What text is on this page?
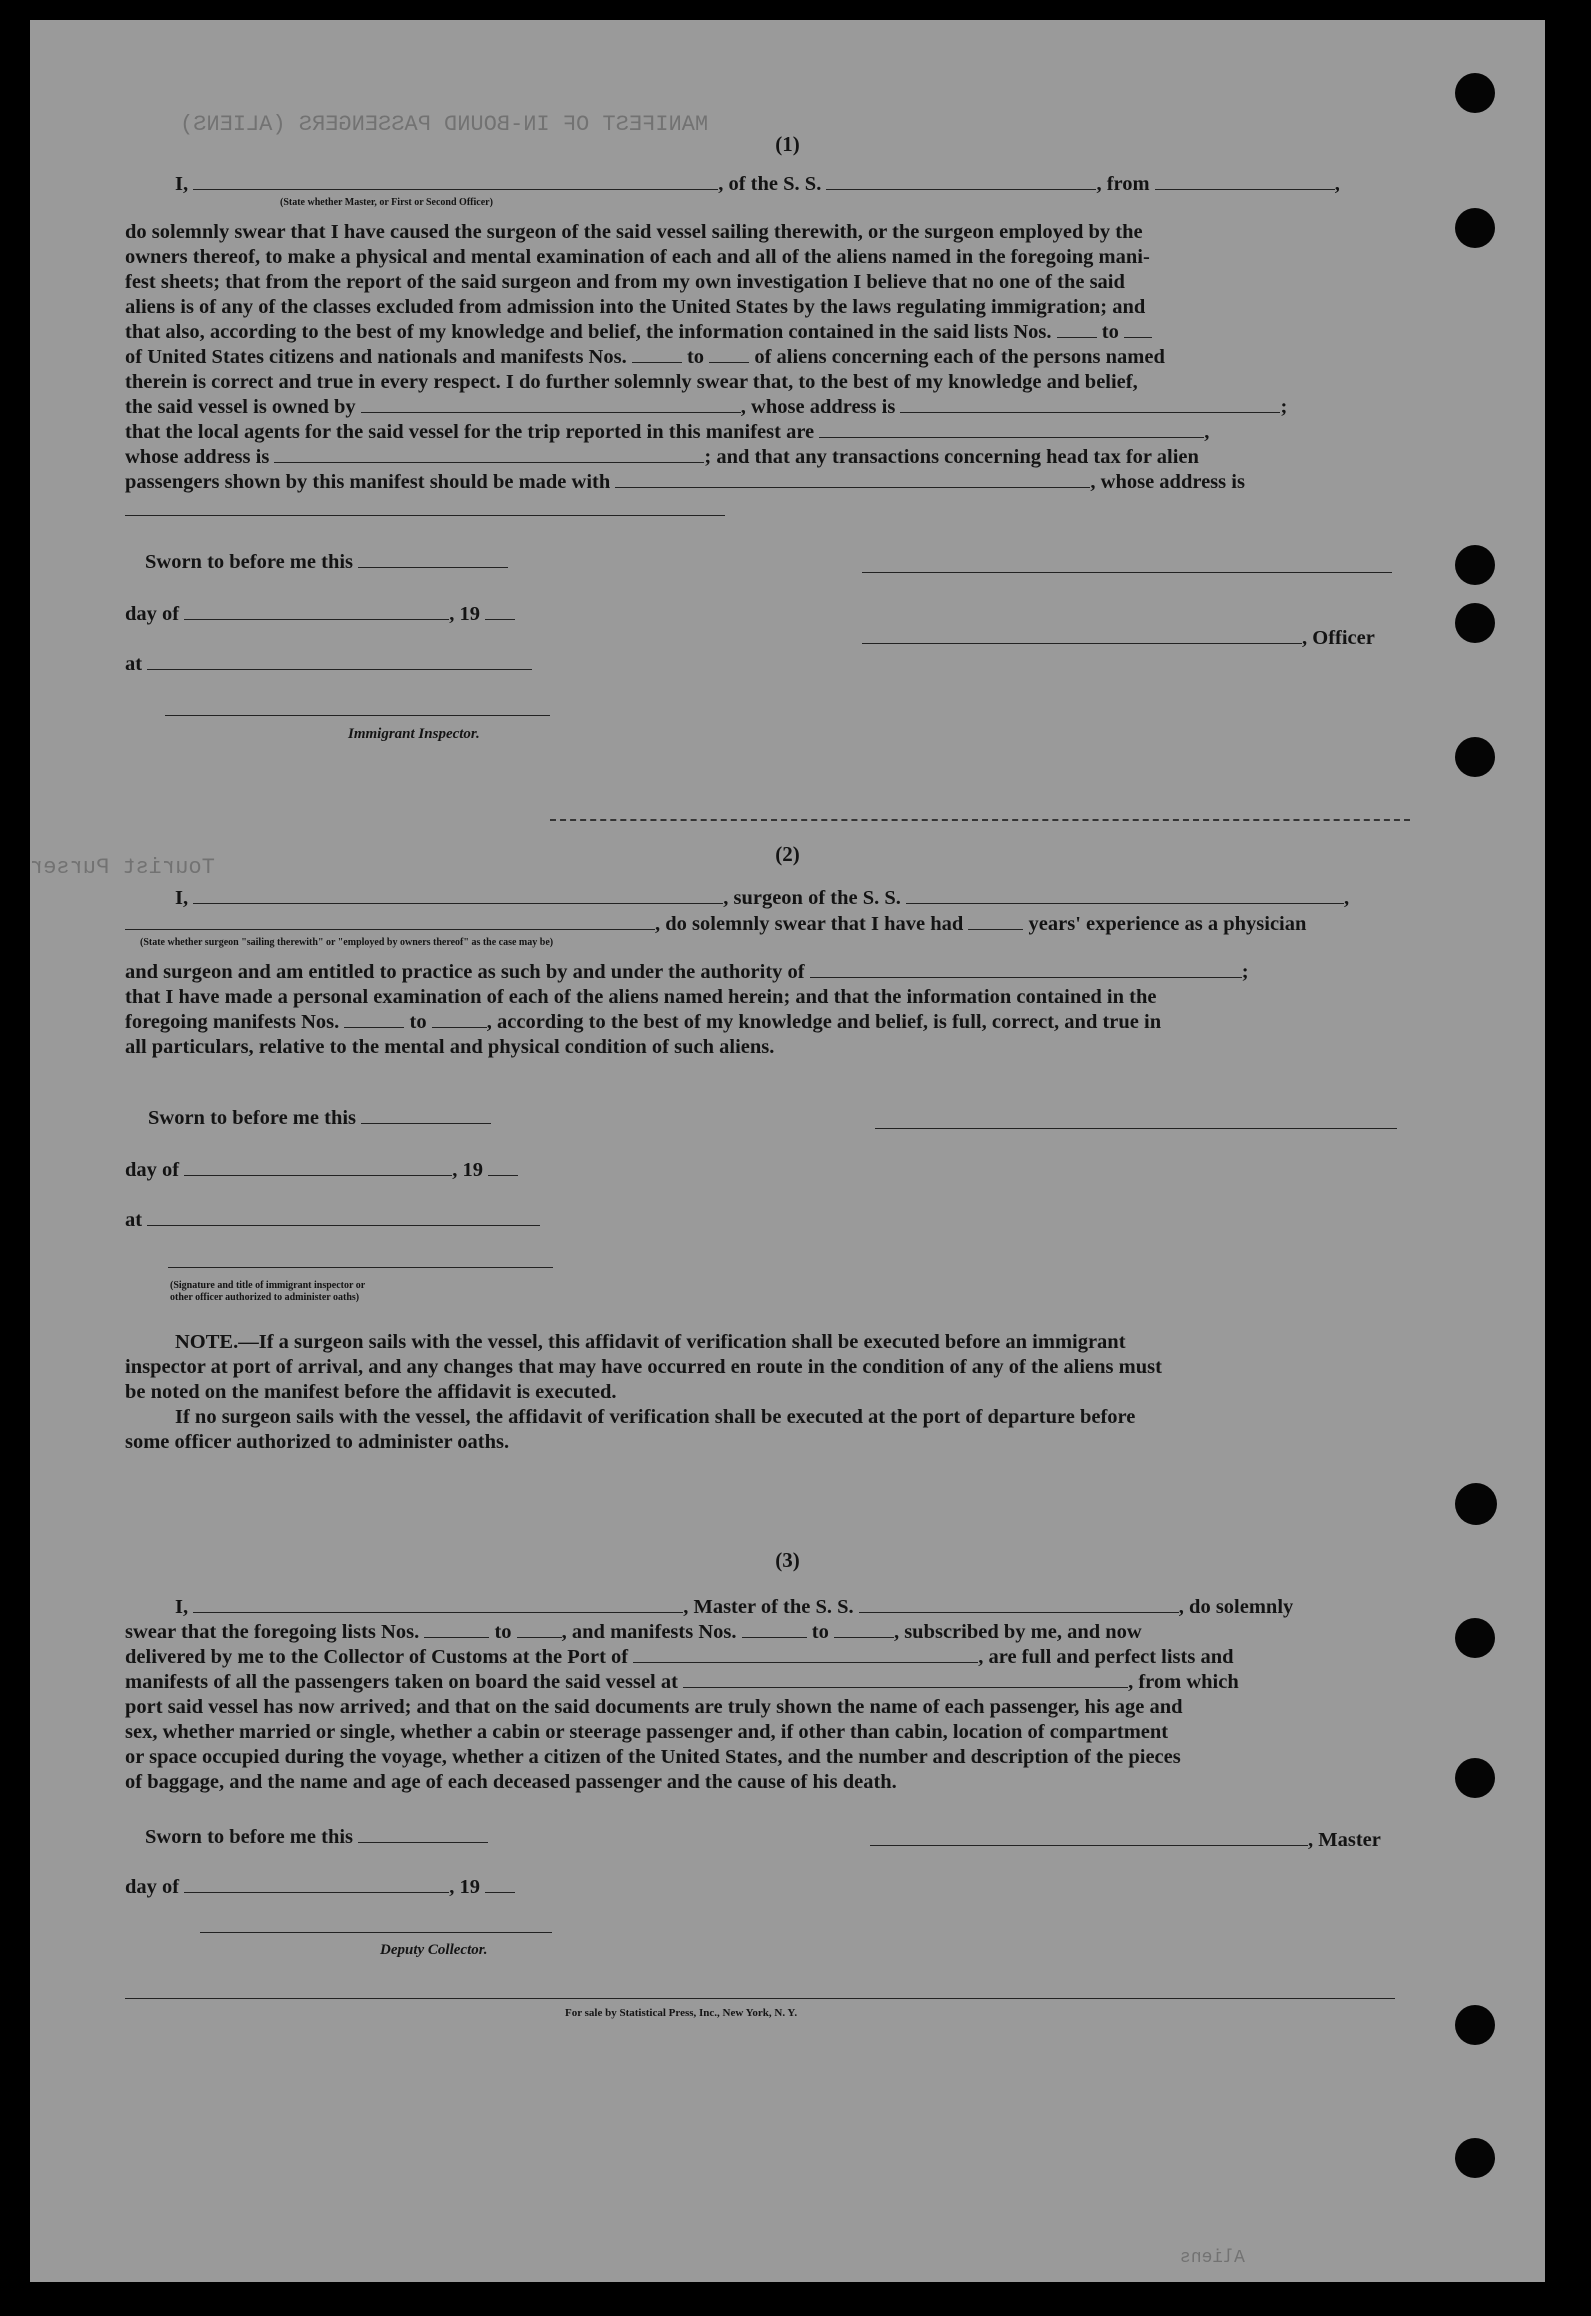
MANIFEST OF IN-BOUND PASSENGERS (ALIENS)
Tourist Purser
Aliens
(1)
I,	, of the S. S.	, from	,
(State whether Master, or First or Second Officer)
do solemnly swear that I have caused the surgeon of the said vessel sailing therewith, or the surgeon employed by the
owners thereof, to make a physical and mental examination of each and all of the aliens named in the foregoing mani-
fest sheets; that from the report of the said surgeon and from my own investigation I believe that no one of the said
aliens is of any of the classes excluded from admission into the United States by the laws regulating immigration; and
that also, according to the best of my knowledge and belief, the information contained in the said lists Nos. to
of United States citizens and nationals and manifests Nos.	to of aliens concerning each of the persons named
therein is correct and true in every respect. I do further solemnly swear that, to the best of my knowledge and belief,
the said vessel is owned by	, whose address is	;
that the local agents for the said vessel for the trip reported in this manifest are	,
whose address is	; and that any transactions concerning head tax for alien
passengers shown by this manifest should be made with	, whose address is
Sworn to before me this
day of	, 19
, Officer
at
Immigrant Inspector.
(2)
I,	, surgeon of the S. S.	,
, do solemnly swear that I have had	years' experience as a physician
(State whether surgeon "sailing therewith" or "employed by owners thereof" as the case may be)
and surgeon and am entitled to practice as such by and under the authority of	;
that I have made a personal examination of each of the aliens named herein; and that the information contained in the
foregoing manifests Nos.	to	, according to the best of my knowledge and belief, is full, correct, and true in
all particulars, relative to the mental and physical condition of such aliens.
Sworn to before me this
day of	, 19
at
(Signature and title of immigrant inspector or
other officer authorized to administer oaths)
NOTE.—If a surgeon sails with the vessel, this affidavit of verification shall be executed before an immigrant
inspector at port of arrival, and any changes that may have occurred en route in the condition of any of the aliens must
be noted on the manifest before the affidavit is executed.
If no surgeon sails with the vessel, the affidavit of verification shall be executed at the port of departure before
some officer authorized to administer oaths.
(3)
I,	, Master of the S. S.	, do solemnly
swear that the foregoing lists Nos.	to , and manifests Nos.	to	, subscribed by me, and now
delivered by me to the Collector of Customs at the Port of	, are full and perfect lists and
manifests of all the passengers taken on board the said vessel at	, from which
port said vessel has now arrived; and that on the said documents are truly shown the name of each passenger, his age and
sex, whether married or single, whether a cabin or steerage passenger and, if other than cabin, location of compartment
or space occupied during the voyage, whether a citizen of the United States, and the number and description of the pieces
of baggage, and the name and age of each deceased passenger and the cause of his death.
Sworn to before me this	, Master
day of	, 19
Deputy Collector.
For sale by Statistical Press, Inc., New York, N. Y.
